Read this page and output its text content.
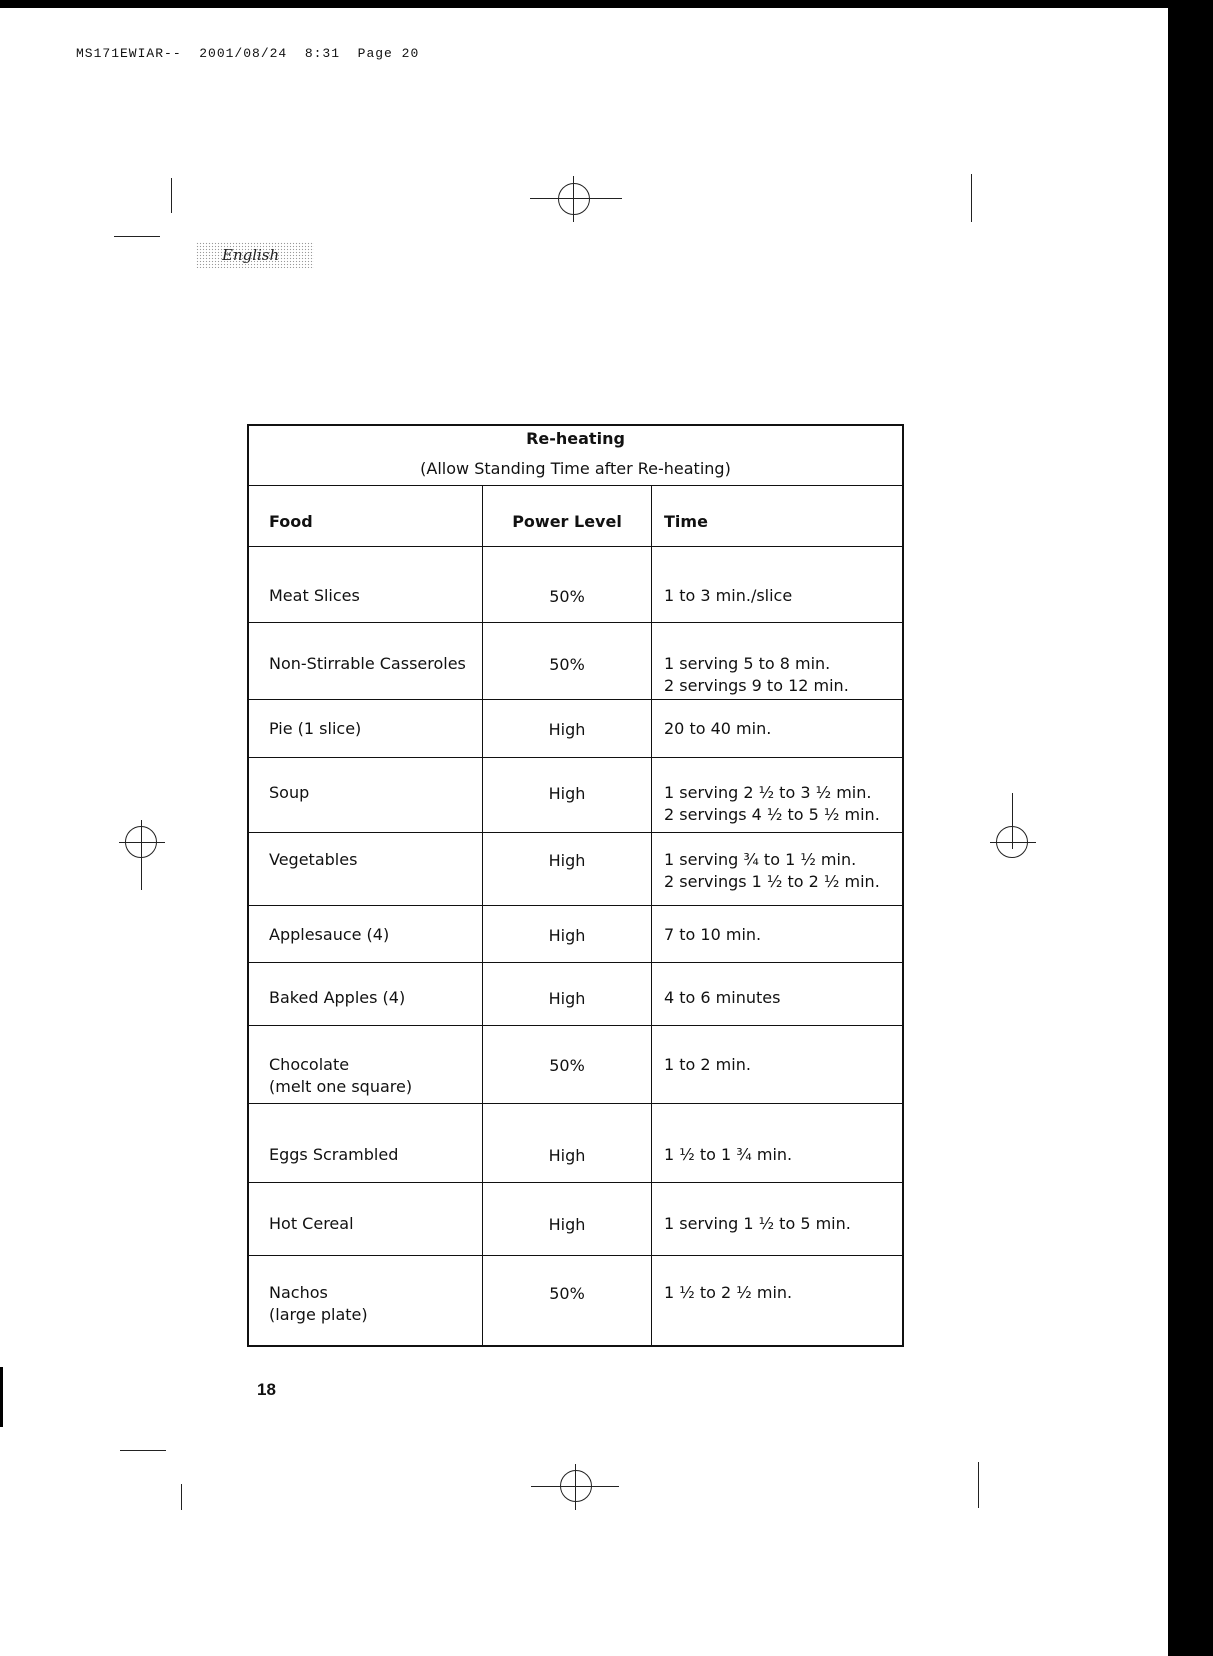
MS171EWIAR--  2001/08/24  8:31  Page 20
English
Re-heating		
(Allow Standing Time after Re-heating)		
Food	Power Level	Time

Meat Slices	50%	1 to 3 min./slice

Non-Stirrable Casseroles	50%	1 serving 5 to 8 min.
2 servings 9 to 12 min.

Pie (1 slice)	High	20 to 40 min.

Soup	High	1 serving 2 ½ to 3 ½ min.
2 servings 4 ½ to 5 ½ min.

Vegetables	High	1 serving ¾ to 1 ½ min.
2 servings 1 ½ to 2 ½ min.

Applesauce (4)	High	7 to 10 min.

Baked Apples (4)	High	4 to 6 minutes

Chocolate
(melt one square)	50%	1 to 2 min.

Eggs Scrambled	High	1 ½ to 1 ¾ min.

Hot Cereal	High	1 serving 1 ½ to 5 min.

Nachos
(large plate)	50%	1 ½ to 2 ½ min.
18
